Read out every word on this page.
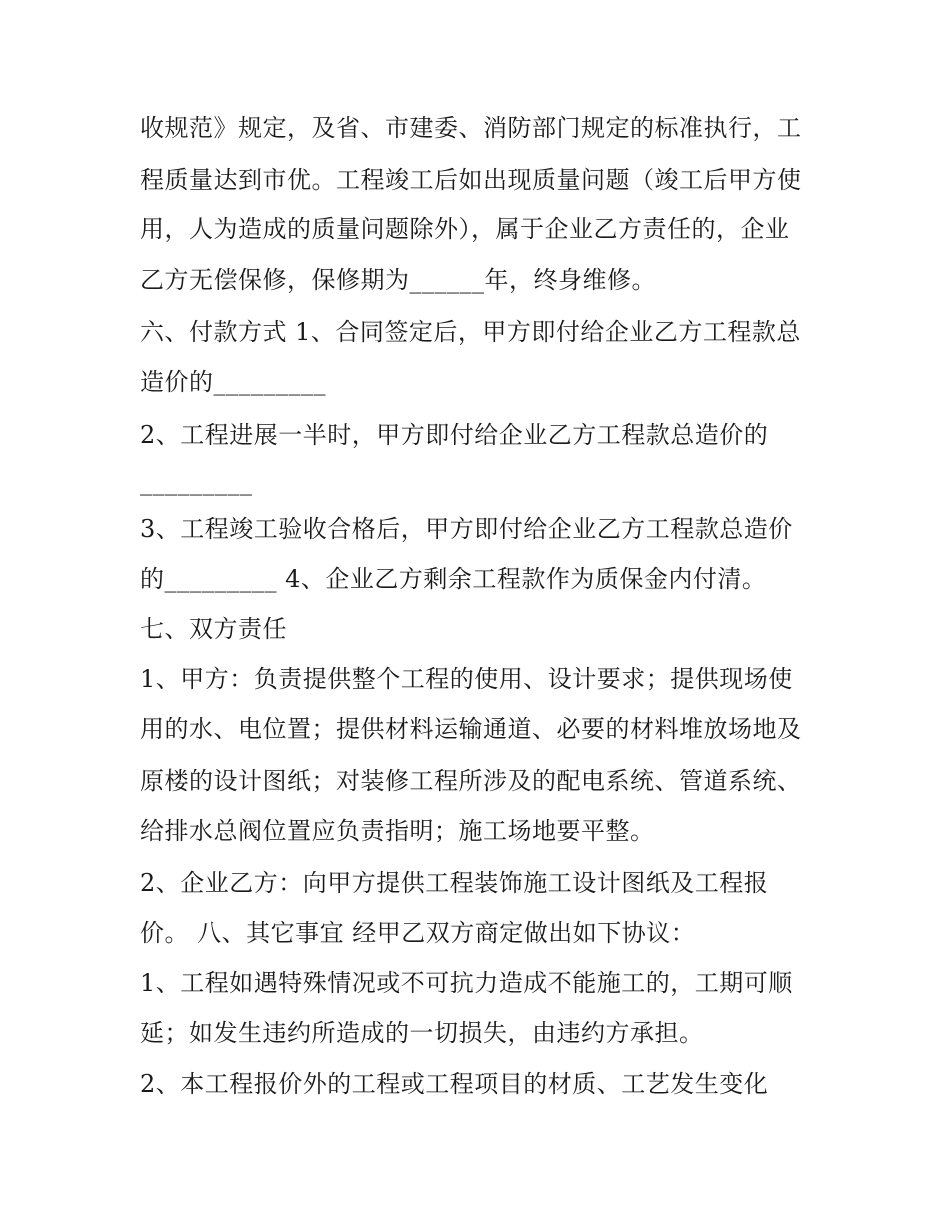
收规范》规定，及省、市建委、消防部门规定的标准执行，工
程质量达到市优。工程竣工后如出现质量问题（竣工后甲方使
用，人为造成的质量问题除外），属于企业乙方责任的，企业
乙方无偿保修，保修期为______年，终身维修。
六、付款方式 1、合同签定后，甲方即付给企业乙方工程款总
造价的_________
2、工程进展一半时，甲方即付给企业乙方工程款总造价的
_________
3、工程竣工验收合格后，甲方即付给企业乙方工程款总造价
的_________ 4、企业乙方剩余工程款作为质保金内付清。
七、双方责任
1、甲方：负责提供整个工程的使用、设计要求；提供现场使
用的水、电位置；提供材料运输通道、必要的材料堆放场地及
原楼的设计图纸；对装修工程所涉及的配电系统、管道系统、
给排水总阀位置应负责指明；施工场地要平整。
2、企业乙方：向甲方提供工程装饰施工设计图纸及工程报
价。 八、其它事宜 经甲乙双方商定做出如下协议：
1、工程如遇特殊情况或不可抗力造成不能施工的，工期可顺
延；如发生违约所造成的一切损失，由违约方承担。
2、本工程报价外的工程或工程项目的材质、工艺发生变化
